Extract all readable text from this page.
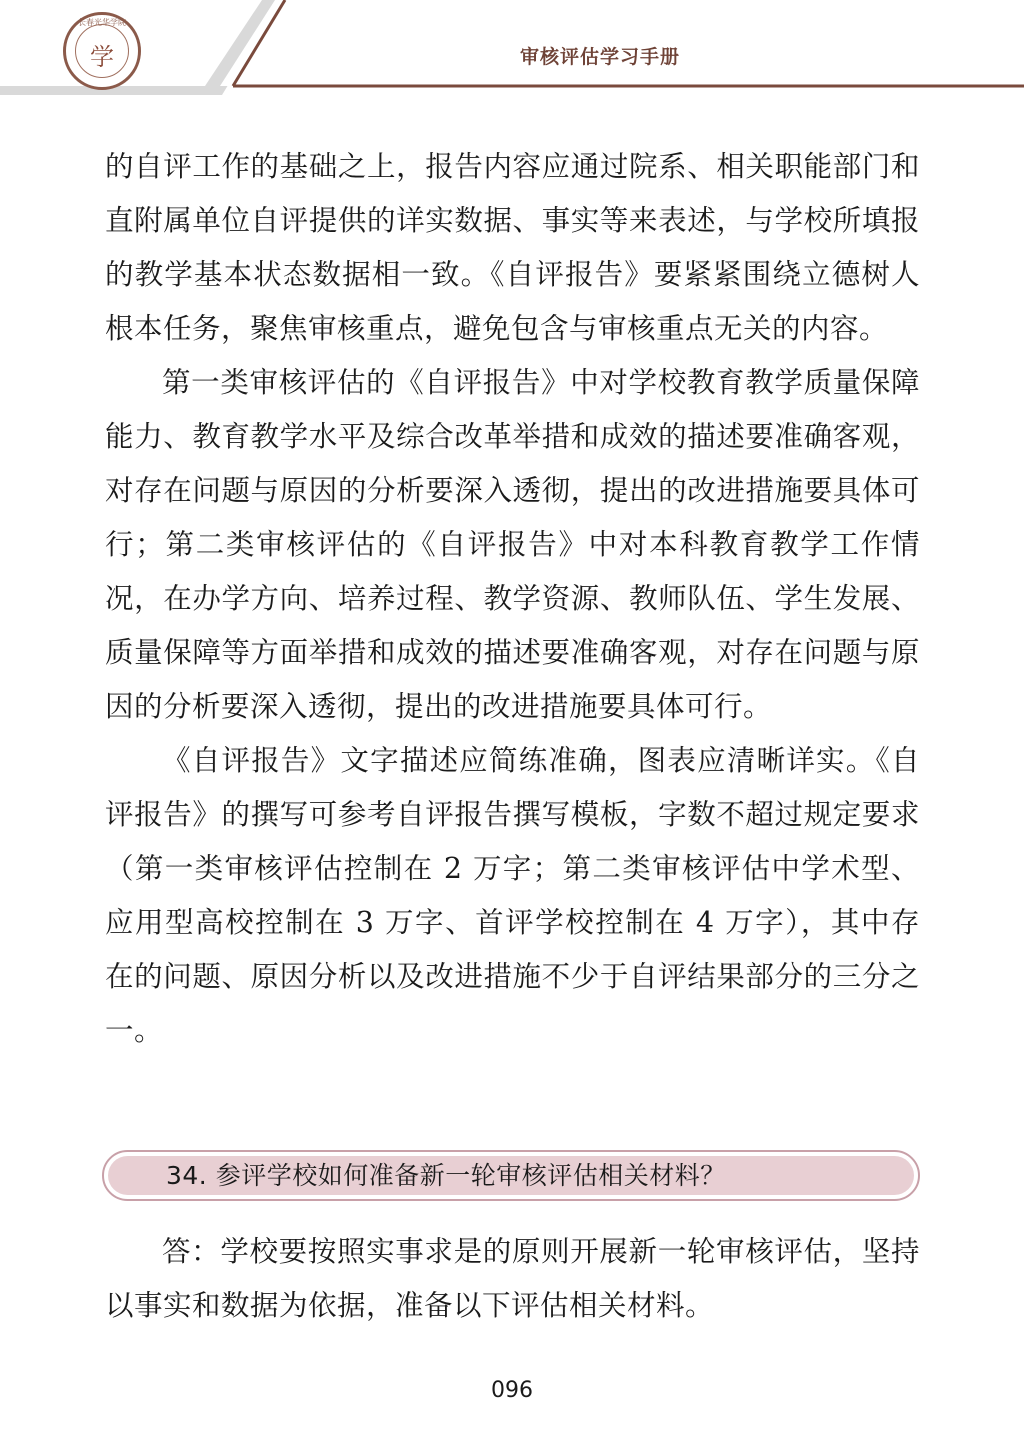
长春光华学院
学	审核评估学习手册

的自评工作的基础之上，报告内容应通过院系、相关职能部门和直附属单位自评提供的详实数据、事实等来表述，与学校所填报的教学基本状态数据相一致。《自评报告》要紧紧围绕立德树人根本任务，聚焦审核重点，避免包含与审核重点无关的内容。

第一类审核评估的《自评报告》中对学校教育教学质量保障能力、教育教学水平及综合改革举措和成效的描述要准确客观，对存在问题与原因的分析要深入透彻，提出的改进措施要具体可行；第二类审核评估的《自评报告》中对本科教育教学工作情况，在办学方向、培养过程、教学资源、教师队伍、学生发展、质量保障等方面举措和成效的描述要准确客观，对存在问题与原因的分析要深入透彻，提出的改进措施要具体可行。

《自评报告》文字描述应简练准确，图表应清晰详实。《自评报告》的撰写可参考自评报告撰写模板，字数不超过规定要求（第一类审核评估控制在 2 万字；第二类审核评估中学术型、应用型高校控制在 3 万字、首评学校控制在 4 万字），其中存在的问题、原因分析以及改进措施不少于自评结果部分的三分之一。

34. 参评学校如何准备新一轮审核评估相关材料？

答：学校要按照实事求是的原则开展新一轮审核评估，坚持以事实和数据为依据，准备以下评估相关材料。

096
